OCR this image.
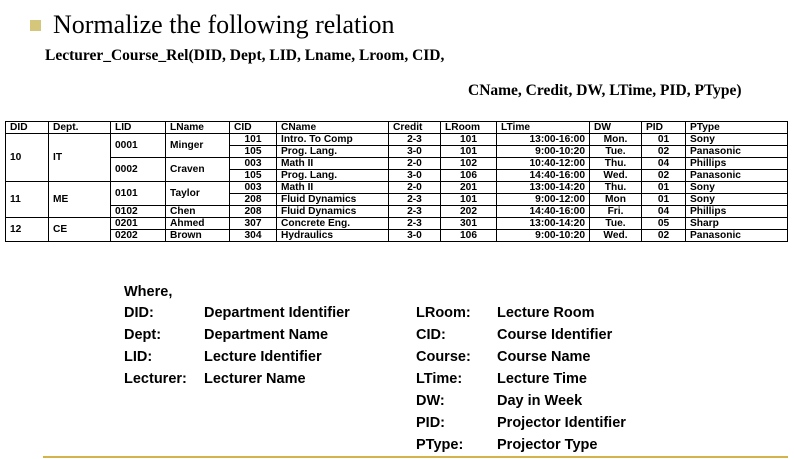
Normalize the following relation
Lecturer_Course_Rel(DID, Dept, LID, Lname, Lroom, CID,
CName, Credit, DW, LTime, PID, PType)
DID	Dept.	LID	LName	CID	CName	Credit	LRoom	LTime	DW	PID	PType
10	IT	0001	Minger	101	Intro. To Comp	2-3	101	13:00-16:00	Mon.	01	Sony
				105	Prog. Lang.	3-0	101	9:00-10:20	Tue.	02	Panasonic
		0002	Craven	003	Math II	2-0	102	10:40-12:00	Thu.	04	Phillips
				105	Prog. Lang.	3-0	106	14:40-16:00	Wed.	02	Panasonic
11	ME	0101	Taylor	003	Math II	2-0	201	13:00-14:20	Thu.	01	Sony
				208	Fluid Dynamics	2-3	101	9:00-12:00	Mon	01	Sony
		0102	Chen	208	Fluid Dynamics	2-3	202	14:40-16:00	Fri.	04	Phillips
12	CE	0201	Ahmed	307	Concrete Eng.	2-3	301	13:00-14:20	Tue.	05	Sharp
		0202	Brown	304	Hydraulics	3-0	106	9:00-10:20	Wed.	02	Panasonic
Where,
DID:	Department Identifier
Dept:	Department Name
LID:	Lecture Identifier
Lecturer:	Lecturer Name
LRoom:	Lecture Room
CID:	Course Identifier
Course:	Course Name
LTime:	Lecture Time
DW:	Day in Week
PID:	Projector Identifier
PType:	Projector Type
